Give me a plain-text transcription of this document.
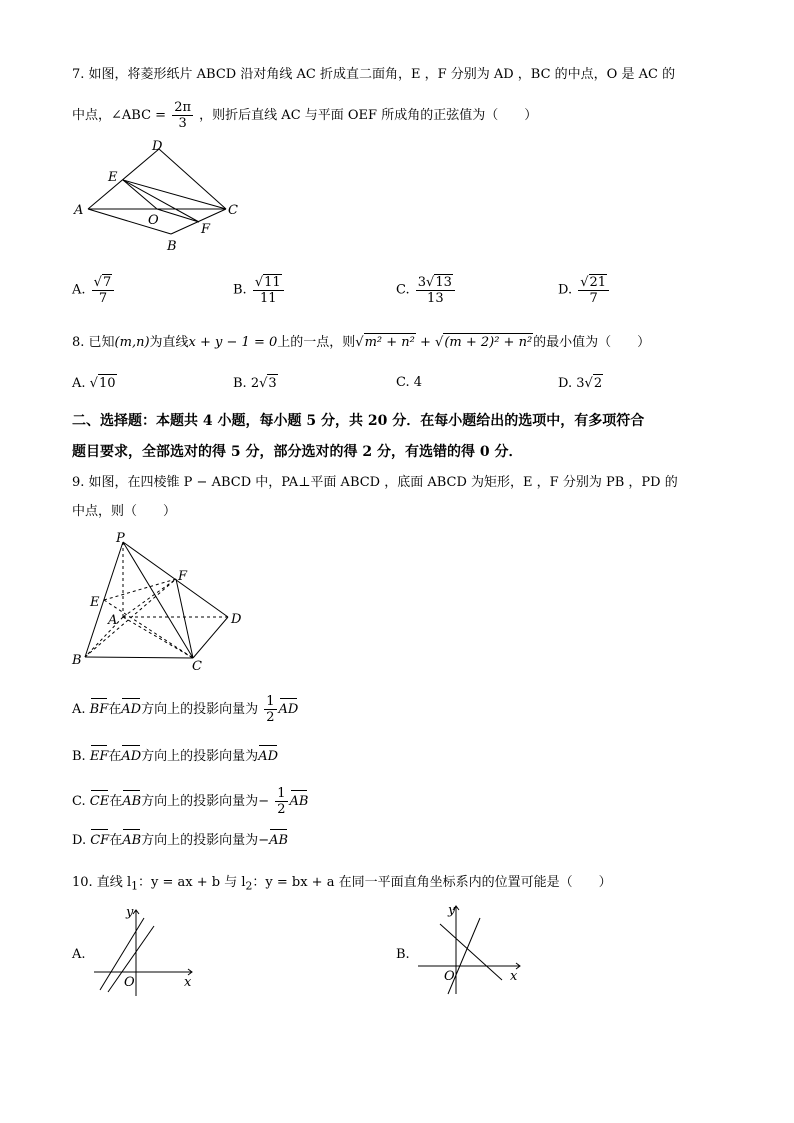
7. 如图，将菱形纸片 ABCD 沿对角线 AC 折成直二面角，E ，F 分别为 AD ，BC 的中点，O 是 AC 的
中点，∠ABC = $\frac{2\pi}{3}$ ，则折后直线 AC 与平面 OEF 所成角的正弦值为（　　）
D
E
A
O
C
F
B
A. $\frac{√7}{7}$	B. $\frac{√11}{11}$	C. $\frac{3√13}{13}$	D. $\frac{√21}{7}$
8. 已知(m,n)为直线x + y − 1 = 0上的一点，则√m² + n² + √(m + 2)² + n²的最小值为（　　）
A. √10	B. 2√3	C. 4	D. 3√2
二、选择题：本题共 4 小题，每小题 5 分，共 20 分．在每小题给出的选项中，有多项符合
题目要求，全部选对的得 5 分，部分选对的得 2 分，有选错的得 0 分．
9. 如图，在四棱锥 P − ABCD 中，PA⊥平面 ABCD ，底面 ABCD 为矩形，E ，F 分别为 PB ，PD 的
中点，则（　　）
P
F
E
A	D
B	C
A. BF在AD方向上的投影向量为 $\frac{1}{2}$ AD
B. EF在AD方向上的投影向量为AD
C. CE在AB方向上的投影向量为− $\frac{1}{2}$ AB
D. CF在AB方向上的投影向量为−AB
10. 直线 $l_1$：y = ax + b 与 $l_2$：y = bx + a 在同一平面直角坐标系内的位置可能是（　　）
A.
y
x
O
B.
y
x
O
